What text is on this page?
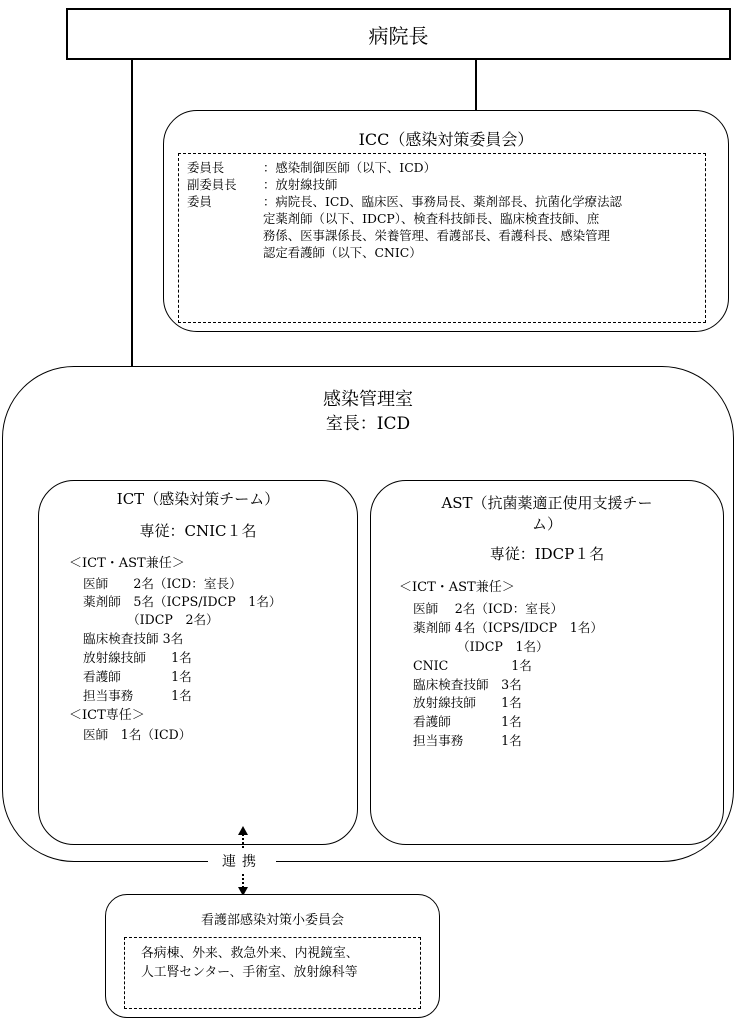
病院長
ICC（感染対策委員会）
委員長	：感染制御医師（以下、ICD）
副委員長	：放射線技師
委員	：病院長、ICD、臨床医、事務局長、薬剤部長、抗菌化学療法認
定薬剤師（以下、IDCP）、検査科技師長、臨床検査技師、庶
務係、医事課係長、栄養管理、看護部長、看護科長、感染管理
認定看護師（以下、CNIC）
感染管理室
室長：ICD
ICT（感染対策チーム）
専従：CNIC１名
＜ICT・AST兼任＞
医師　　2名（ICD：室長）
薬剤師　5名（ICPS/IDCP　1名）
　　　　（IDCP　2名）
臨床検査技師 3名
放射線技師　　1名
看護師　　　　1名
担当事務　　　1名
＜ICT専任＞
医師　1名（ICD）
AST（抗菌薬適正使用支援チー
ム）
専従：IDCP１名
＜ICT・AST兼任＞
医師　 2名（ICD：室長）
薬剤師 4名（ICPS/IDCP　1名）
　　　　（IDCP　1名）
CNIC　　　　　1名
臨床検査技師　3名
放射線技師　　1名
看護師　　　　1名
担当事務　　　1名
連携
看護部感染対策小委員会
各病棟、外来、救急外来、内視鏡室、
人工腎センター、手術室、放射線科等
